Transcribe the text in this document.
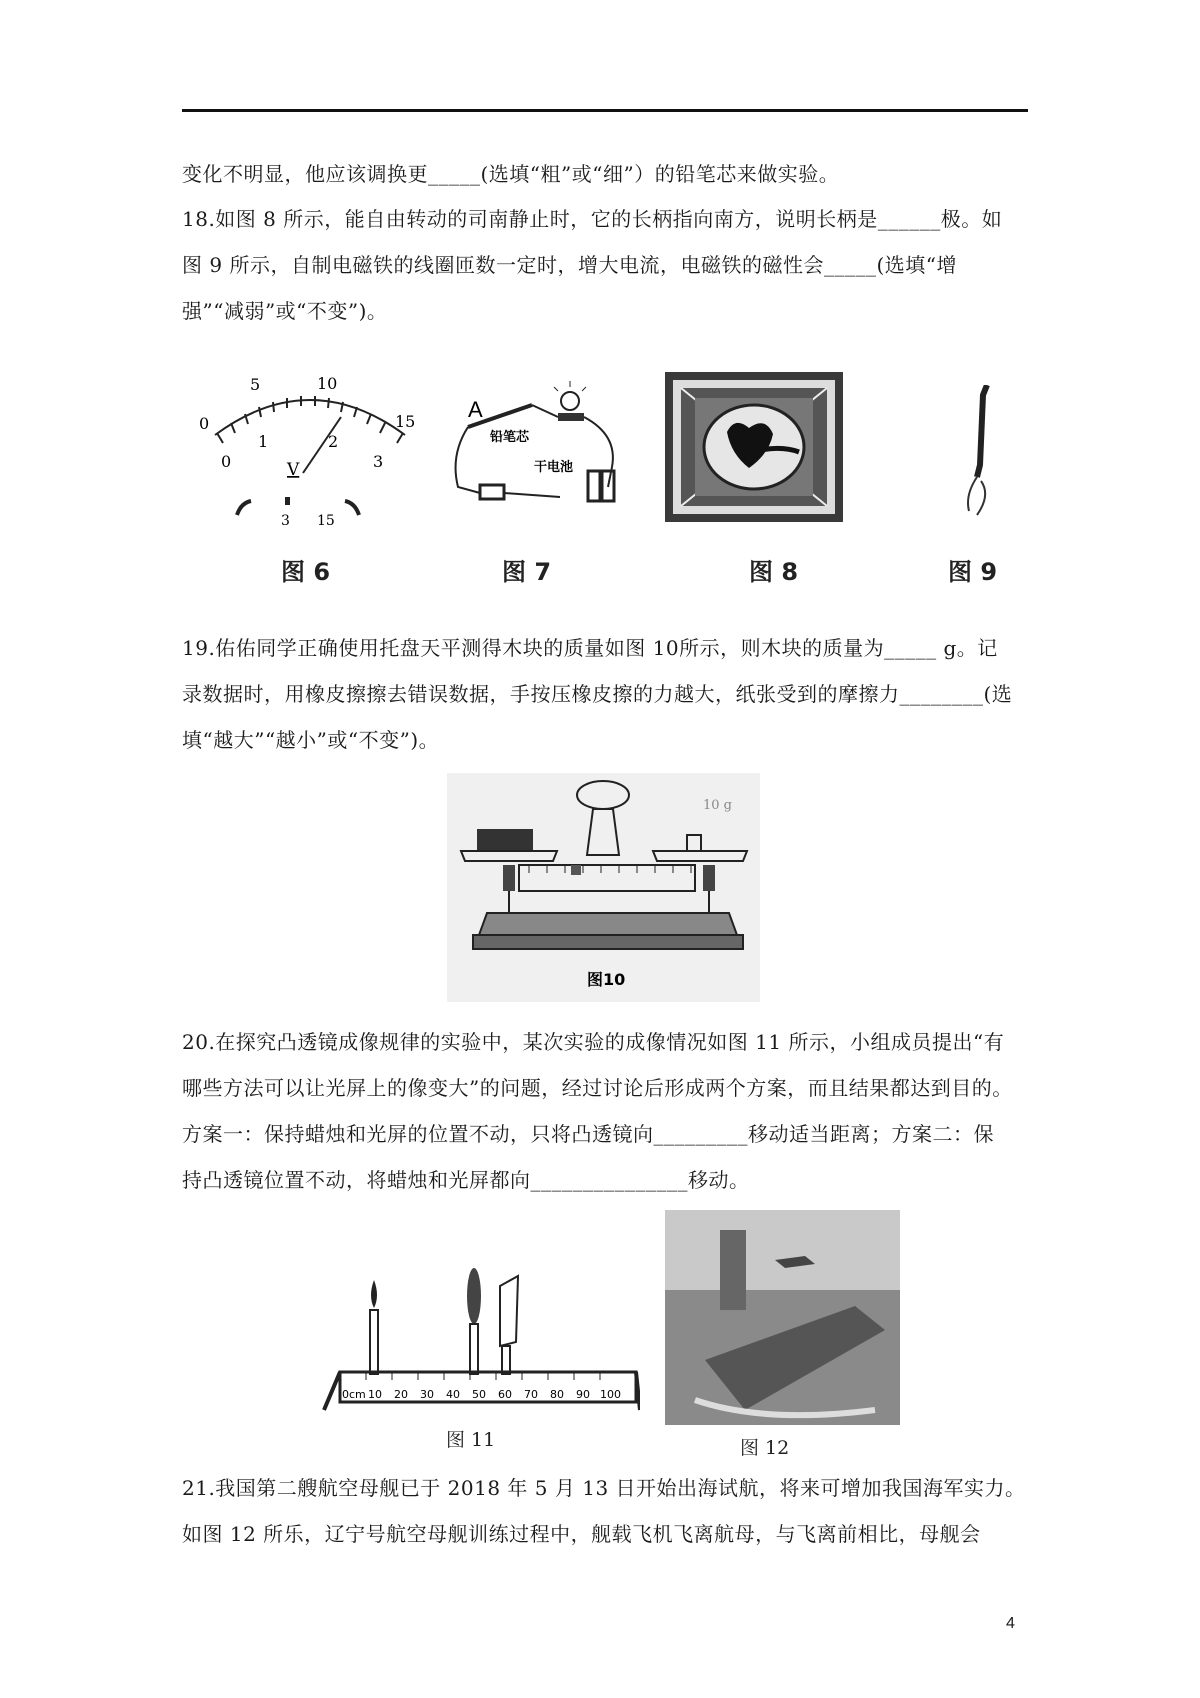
变化不明显，他应该调换更_____(选填“粗”或“细”）的铅笔芯来做实验。
18.如图 8 所示，能自由转动的司南静止时，它的长柄指向南方，说明长柄是______极。如
图 9 所示，自制电磁铁的线圈匝数一定时，增大电流，电磁铁的磁性会_____(选填“增
强”“减弱”或“不变”)。
0
5	10
15
0
1	2
3
V
3 15
图 6
A
铅笔芯
干电池
图 7	图 8	图 9
19.佑佑同学正确使用托盘天平测得木块的质量如图 10所示，则木块的质量为_____ g。记
录数据时，用橡皮擦擦去错误数据，手按压橡皮擦的力越大，纸张受到的摩擦力________(选
填“越大”“越小”或“不变”)。
10 g
图10
20.在探究凸透镜成像规律的实验中，某次实验的成像情况如图 11 所示，小组成员提出“有
哪些方法可以让光屏上的像变大”的问题，经过讨论后形成两个方案，而且结果都达到目的。
方案一：保持蜡烛和光屏的位置不动，只将凸透镜向_________移动适当距离；方案二：保
持凸透镜位置不动，将蜡烛和光屏都向_______________移动。
0cm 10 20 30 40 50 60 70 80 90 100
图 11	图 12
21.我国第二艘航空母舰已于 2018 年 5 月 13 日开始出海试航，将来可增加我国海军实力。
如图 12 所乐，辽宁号航空母舰训练过程中，舰载飞机飞离航母，与飞离前相比，母舰会
4
